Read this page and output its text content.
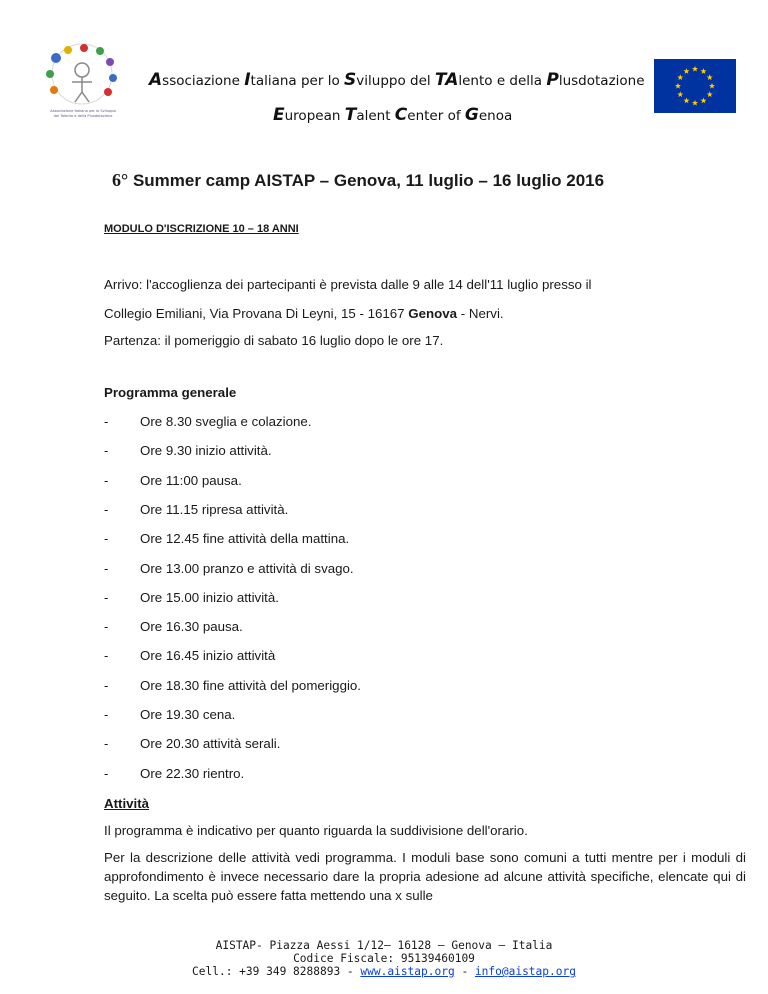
Associazione Italiana per lo Sviluppo
del Talento e della Plusdotazione
Associazione Italiana per lo Sviluppo del TAlento e della Plusdotazione
European Talent Center of Genoa
6° Summer camp AISTAP – Genova, 11 luglio – 16 luglio 2016
MODULO D'ISCRIZIONE 10 – 18 ANNI
Arrivo: l'accoglienza dei partecipanti è prevista dalle 9 alle 14 dell'11 luglio presso il
Collegio Emiliani, Via Provana Di Leyni, 15 - 16167 Genova - Nervi.
Partenza: il pomeriggio di sabato 16 luglio dopo le ore 17.
Programma generale
- Ore 8.30 sveglia e colazione.
- Ore 9.30 inizio attività.
- Ore 11:00 pausa.
- Ore 11.15 ripresa attività.
- Ore 12.45 fine attività della mattina.
- Ore 13.00 pranzo e attività di svago.
- Ore 15.00 inizio attività.
- Ore 16.30 pausa.
- Ore 16.45 inizio attività
- Ore 18.30 fine attività del pomeriggio.
- Ore 19.30 cena.
- Ore 20.30 attività serali.
- Ore 22.30 rientro.
Attività
Il programma è indicativo per quanto riguarda la suddivisione dell'orario.
Per la descrizione delle attività vedi programma. I moduli base sono comuni a tutti mentre per i moduli di approfondimento è invece necessario dare la propria adesione ad alcune attività specifiche, elencate qui di seguito. La scelta può essere fatta mettendo una x sulle
AISTAP- Piazza Aessi 1/12– 16128 – Genova – Italia
Codice Fiscale: 95139460109
Cell.: +39 349 8288893 - www.aistap.org - info@aistap.org
